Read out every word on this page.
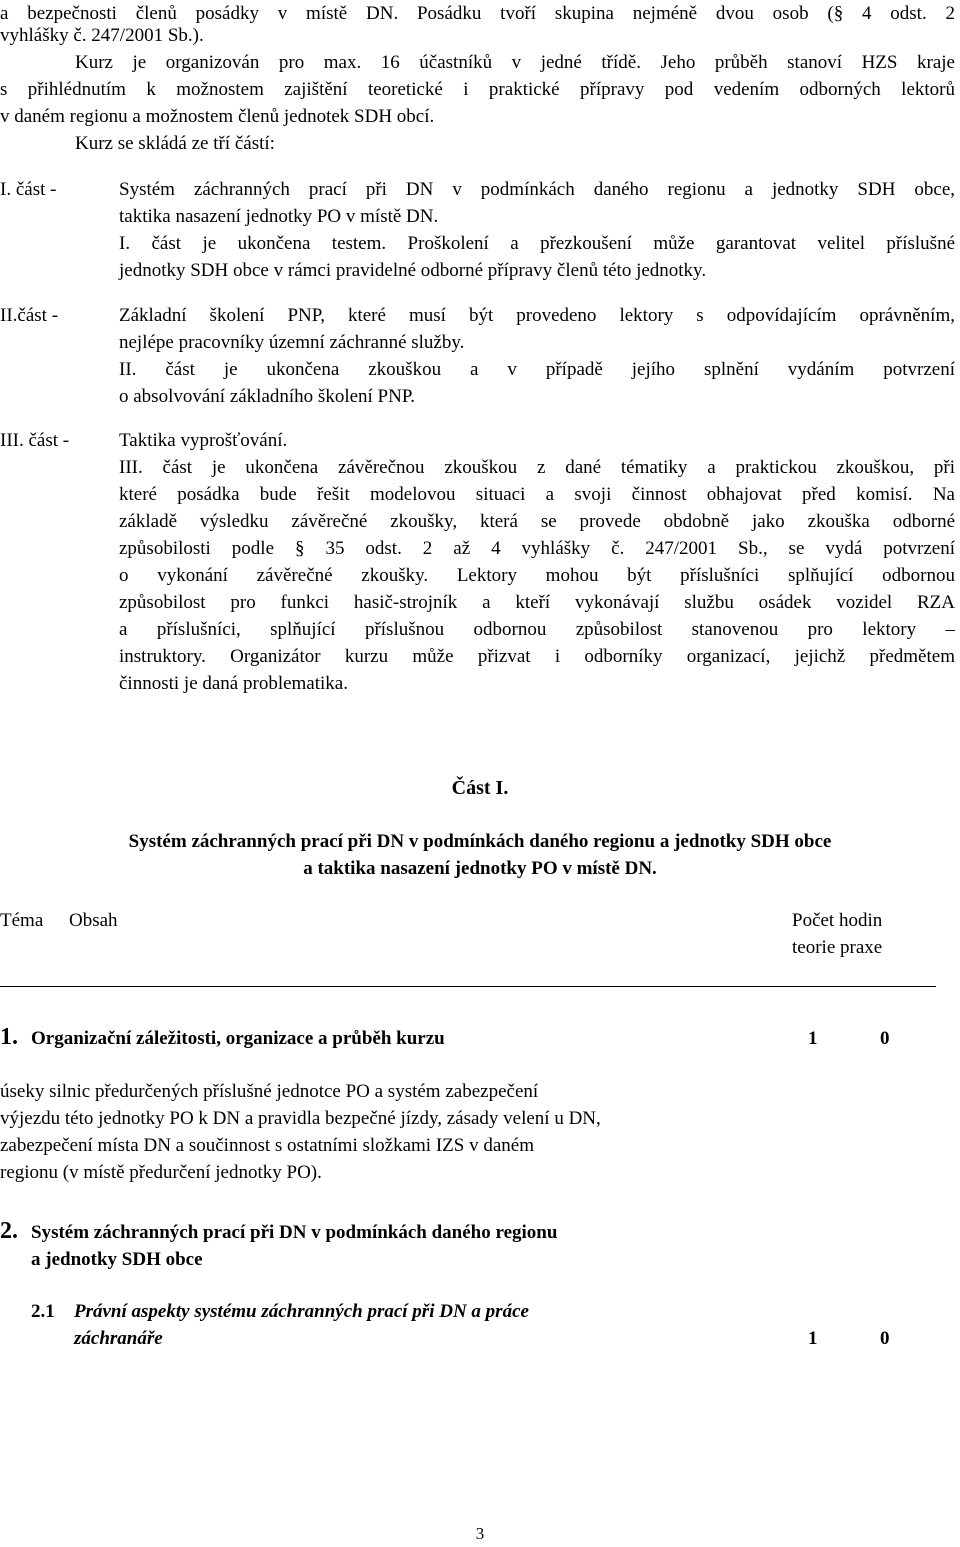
a bezpečnosti členů posádky v místě DN. Posádku tvoří skupina nejméně dvou osob (§ 4 odst. 2
vyhlášky č. 247/2001 Sb.).
Kurz je organizován pro max. 16 účastníků v jedné třídě. Jeho průběh stanoví HZS kraje
s přihlédnutím k možnostem zajištění teoretické i praktické přípravy pod vedením odborných lektorů
v daném regionu a možnostem členů jednotek SDH obcí.
Kurz se skládá ze tří částí:
I. část -	Systém záchranných prací při DN v podmínkách daného regionu a jednotky SDH obce,
taktika nasazení jednotky PO v místě DN.
I. část je ukončena testem. Proškolení a přezkoušení může garantovat velitel příslušné
jednotky SDH obce v rámci pravidelné odborné přípravy členů této jednotky.
II.část -	Základní školení PNP, které musí být provedeno lektory s odpovídajícím oprávněním,
nejlépe pracovníky územní záchranné služby.
II. část je ukončena zkouškou a v případě jejího splnění vydáním potvrzení
o absolvování základního školení PNP.
III. část -	Taktika vyprošťování.
III. část je ukončena závěrečnou zkouškou z dané tématiky a praktickou zkouškou, při
které posádka bude řešit modelovou situaci a svoji činnost obhajovat před komisí. Na
základě výsledku závěrečné zkoušky, která se provede obdobně jako zkouška odborné
způsobilosti podle § 35 odst. 2 až 4 vyhlášky č. 247/2001 Sb., se vydá potvrzení
o vykonání závěrečné zkoušky. Lektory mohou být příslušníci splňující odbornou
způsobilost pro funkci hasič-strojník a kteří vykonávají službu osádek vozidel RZA
a příslušníci, splňující příslušnou odbornou způsobilost stanovenou pro lektory –
instruktory. Organizátor kurzu může přizvat i odborníky organizací, jejichž předmětem
činnosti je daná problematika.
Část I.
Systém záchranných prací při DN v podmínkách daného regionu a jednotky SDH obce
a taktika nasazení jednotky PO v místě DN.
Téma Obsah	Počet hodin
teorie praxe
1. Organizační záležitosti, organizace a průběh kurzu	1	0
úseky silnic předurčených příslušné jednotce PO a systém zabezpečení
výjezdu této jednotky PO k DN a pravidla bezpečné jízdy, zásady velení u DN,
zabezpečení místa DN a součinnost s ostatními složkami IZS v daném
regionu (v místě předurčení jednotky PO).
2. Systém záchranných prací při DN v podmínkách daného regionu
a jednotky SDH obce
2.1 Právní aspekty systému záchranných prací při DN a práce
záchranáře	1	0
3
